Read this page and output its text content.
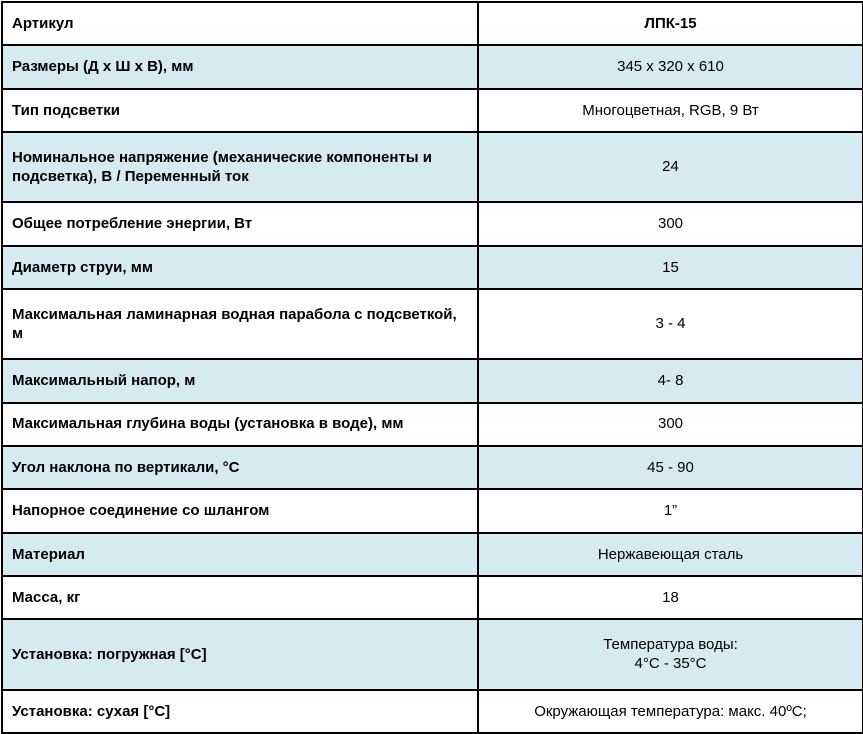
Артикул	ЛПК-15
Размеры (Д х Ш х В), мм	345 х 320 х 610
Тип подсветки	Многоцветная, RGB, 9 Вт
Номинальное напряжение (механические компоненты и подсветка), В / Переменный ток	24
Общее потребление энергии, Вт	300
Диаметр струи, мм	15
Максимальная ламинарная водная парабола с подсветкой, м	3 - 4
Максимальный напор, м	4- 8
Максимальная глубина воды (установка в воде), мм	300
Угол наклона по вертикали, °С	45 - 90
Напорное соединение со шлангом	1”
Материал	Нержавеющая сталь
Масса, кг	18
Установка: погружная [°С]	Температура воды:
4°С - 35°С
Установка: сухая [°С]	Окружающая температура: макс. 40ºС;
